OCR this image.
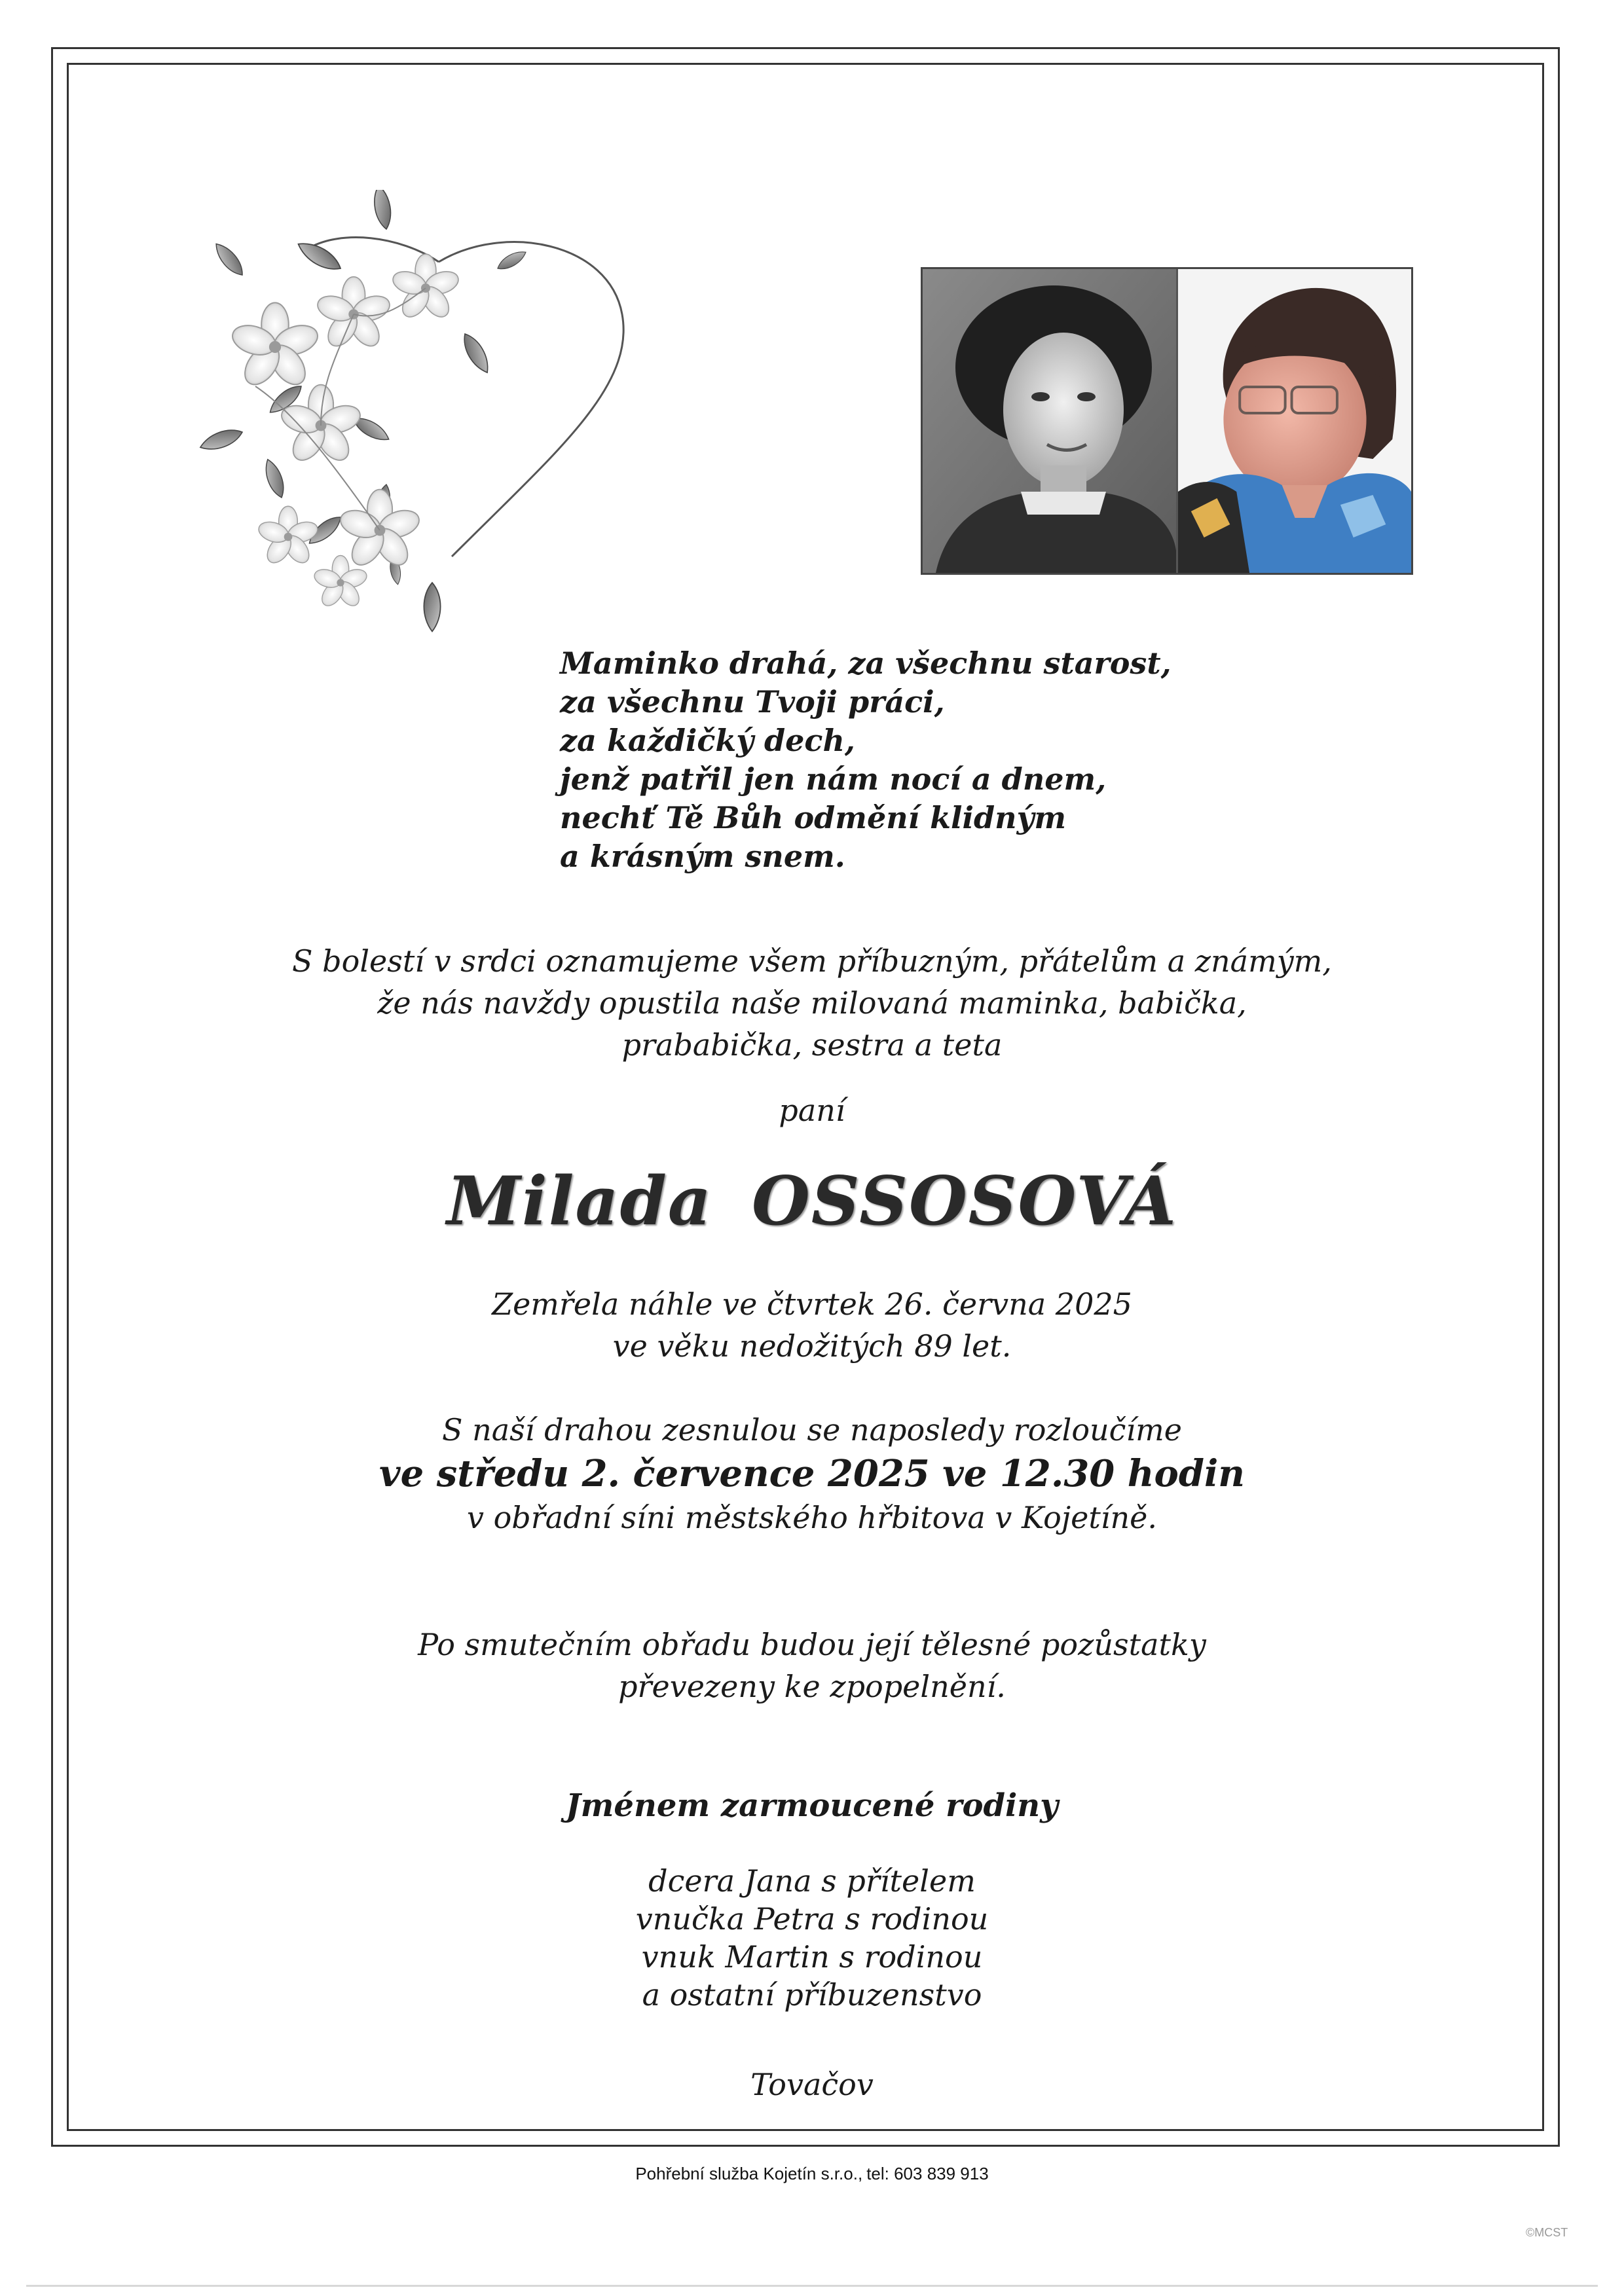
Maminko drahá, za všechnu starost,
za všechnu Tvoji práci,
za každičký dech,
jenž patřil jen nám nocí a dnem,
nechť Tě Bůh odmění klidným
a krásným snem.
S bolestí v srdci oznamujeme všem příbuzným, přátelům a známým,
že nás navždy opustila naše milovaná maminka, babička,
prababička, sestra a teta
paní
Milada OSSOSOVÁ
Zemřela náhle ve čtvrtek 26. června 2025
ve věku nedožitých 89 let.
S naší drahou zesnulou se naposledy rozloučíme
ve středu 2. července 2025 ve 12.30 hodin
v obřadní síni městského hřbitova v Kojetíně.
Po smutečním obřadu budou její tělesné pozůstatky
převezeny ke zpopelnění.
Jménem zarmoucené rodiny
dcera Jana s přítelem
vnučka Petra s rodinou
vnuk Martin s rodinou
a ostatní příbuzenstvo
Tovačov
Pohřební služba Kojetín s.r.o., tel: 603 839 913
©MCST
